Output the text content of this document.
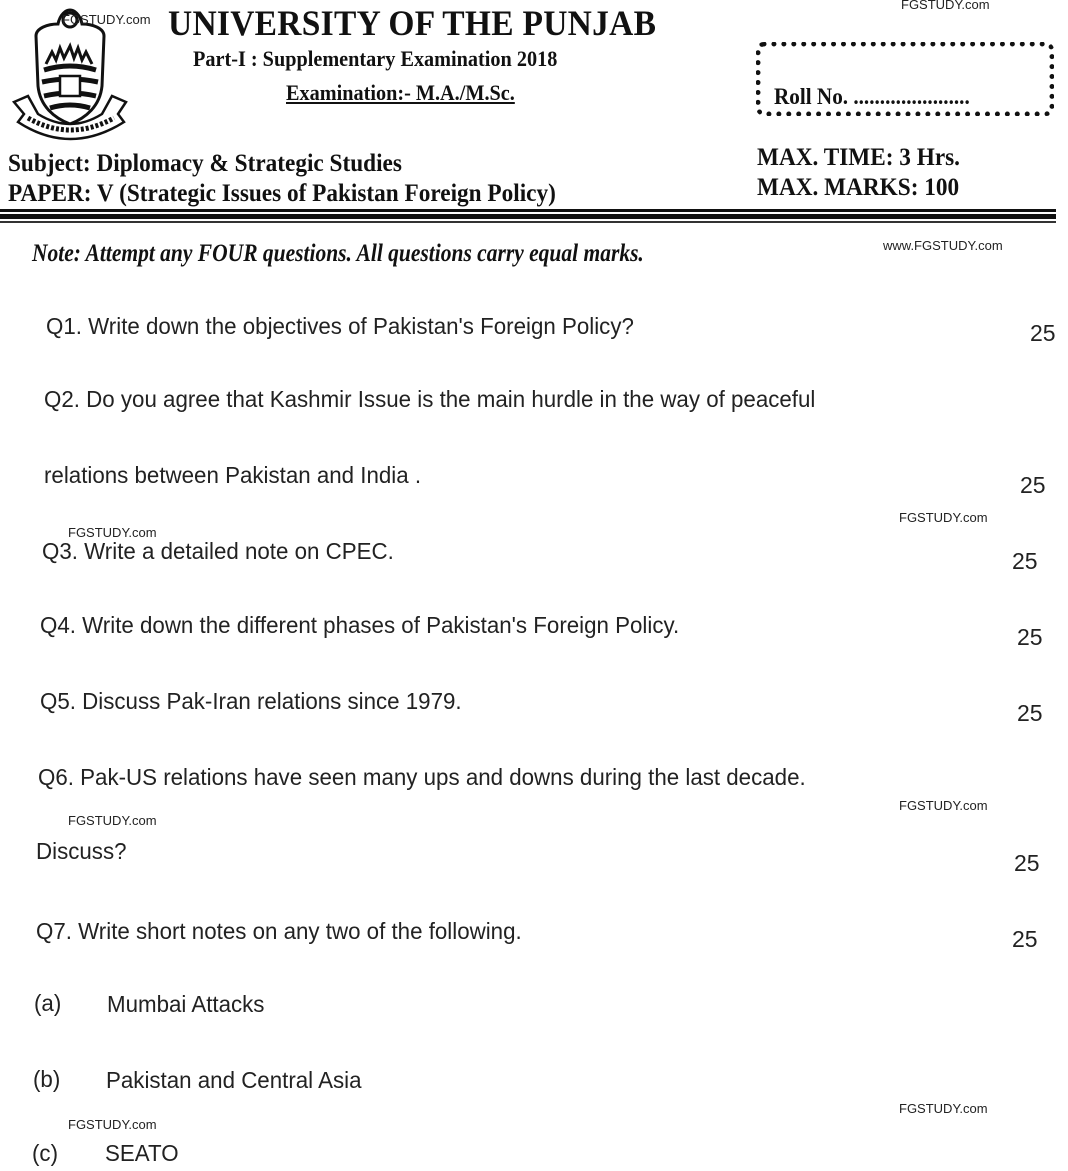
FGSTUDY.com
FGSTUDY.com
UNIVERSITY OF THE PUNJAB
Part-I : Supplementary Examination 2018
Examination:- M.A./M.Sc.	Roll No. ......................
Subject: Diplomacy & Strategic Studies
PAPER: V (Strategic Issues of Pakistan Foreign Policy)
MAX. TIME: 3 Hrs.
MAX. MARKS: 100
Note: Attempt any FOUR questions. All questions carry equal marks.	www.FGSTUDY.com
Q1. Write down the objectives of Pakistan's Foreign Policy?	25
Q2. Do you agree that Kashmir Issue is the main hurdle in the way of peaceful
relations between Pakistan and India .	25
FGSTUDY.com
FGSTUDY.com
Q3. Write a detailed note on CPEC.	25
Q4. Write down the different phases of Pakistan's Foreign Policy.	25
Q5. Discuss Pak-Iran relations since 1979.	25
Q6. Pak-US relations have seen many ups and downs during the last decade.
FGSTUDY.com
FGSTUDY.com
Discuss?	25
Q7. Write short notes on any two of the following.	25
(a) Mumbai Attacks
(b) Pakistan and Central Asia
FGSTUDY.com
FGSTUDY.com
(c) SEATO
